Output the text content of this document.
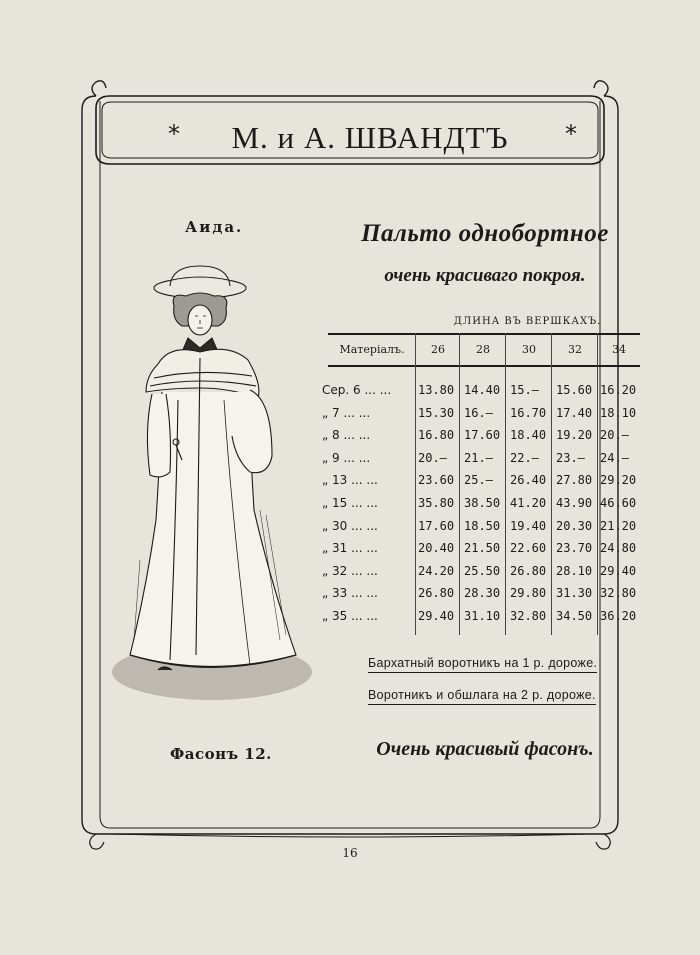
*	М. и А. ШВАНДТЪ	*
Аида.	Пальто однобортное
очень красиваго покроя.
ДЛИНА ВЪ ВЕРШКАХЪ.
Матеріалъ.	26	28	30	32	34
Сер. 6 ... ... 13.80 14.40 15.— 15.60 16.20
„ 7 ... ...	15.30 16.— 16.70 17.40 18.10
„ 8 ... ...	16.80 17.60 18.40 19.20 20.—
„ 9 ... ...	20.— 21.— 22.— 23.— 24.—
„ 13 ... ...	23.60 25.— 26.40 27.80 29.20
„ 15 ... ...	35.80 38.50 41.20 43.90 46.60
„ 30 ... ...	17.60 18.50 19.40 20.30 21.20
„ 31 ... ...	20.40 21.50 22.60 23.70 24.80
„ 32 ... ...	24.20 25.50 26.80 28.10 29.40
„ 33 ... ...	26.80 28.30 29.80 31.30 32.80
„ 35 ... ...	29.40 31.10 32.80 34.50 36.20
Бархатный воротникъ на 1 р. дороже.
Воротникъ и обшлага на 2 р. дороже.
Фасонъ 12.	Очень красивый фасонъ.
16
